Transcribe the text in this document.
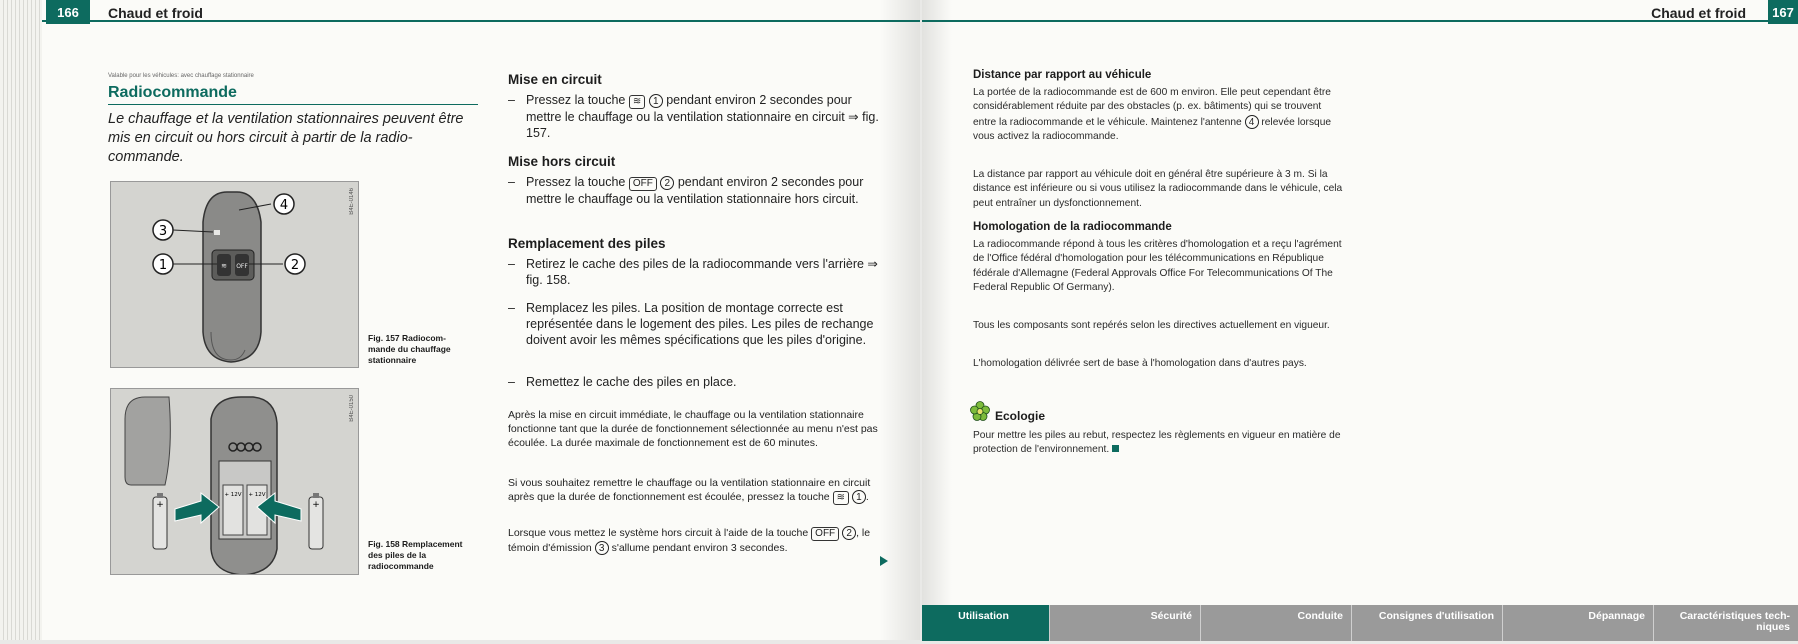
166	Chaud et froid
Valable pour les véhicules: avec chauffage stationnaire
Radiocommande
Le chauffage et la ventilation stationnaires peuvent être mis en circuit ou hors circuit à partir de la radiocommande.
B4E-0146
≋ OFF
4
3
1	2
Fig. 157 Radiocommande du chauffage stationnaire
B4E-0150
+ 12V + 12V
+	+
Fig. 158 Remplacement des piles de la radiocommande
Mise en circuit
– Pressez la touche ≋ 1 pendant environ 2 secondes pour mettre le chauffage ou la ventilation stationnaire en circuit ⇒ fig. 157.
Mise hors circuit
– Pressez la touche OFF 2 pendant environ 2 secondes pour mettre le chauffage ou la ventilation stationnaire hors circuit.
Remplacement des piles
– Retirez le cache des piles de la radiocommande vers l'arrière ⇒ fig. 158.
– Remplacez les piles. La position de montage correcte est représentée dans le logement des piles. Les piles de rechange doivent avoir les mêmes spécifications que les piles d'origine.
– Remettez le cache des piles en place.
Après la mise en circuit immédiate, le chauffage ou la ventilation stationnaire fonctionne tant que la durée de fonctionnement sélectionnée au menu n'est pas écoulée. La durée maximale de fonctionnement est de 60 minutes.
Si vous souhaitez remettre le chauffage ou la ventilation stationnaire en circuit après que la durée de fonctionnement est écoulée, pressez la touche ≋ 1 .
Lorsque vous mettez le système hors circuit à l'aide de la touche OFF 2 , le témoin d'émission 3 s'allume pendant environ 3 secondes.
167
Chaud et froid
Distance par rapport au véhicule
La portée de la radiocommande est de 600 m environ. Elle peut cependant être considérablement réduite par des obstacles (p. ex. bâtiments) qui se trouvent entre la radiocommande et le véhicule. Maintenez l'antenne 4 relevée lorsque vous activez la radiocommande.
La distance par rapport au véhicule doit en général être supérieure à 3 m. Si la distance est inférieure ou si vous utilisez la radiocommande dans le véhicule, cela peut entraîner un dysfonctionnement.
Homologation de la radiocommande
La radiocommande répond à tous les critères d'homologation et a reçu l'agrément de l'Office fédéral d'homologation pour les télécommunications en République fédérale d'Allemagne (Federal Approvals Office For Telecommunications Of The Federal Republic Of Germany).
Tous les composants sont repérés selon les directives actuellement en vigueur.
L'homologation délivrée sert de base à l'homologation dans d'autres pays.
Ecologie
Pour mettre les piles au rebut, respectez les règlements en vigueur en matière de protection de l'environnement.
Utilisation	Sécurité	Conduite	Consignes d'utilisation	Dépannage	Caractéristiques techniques
